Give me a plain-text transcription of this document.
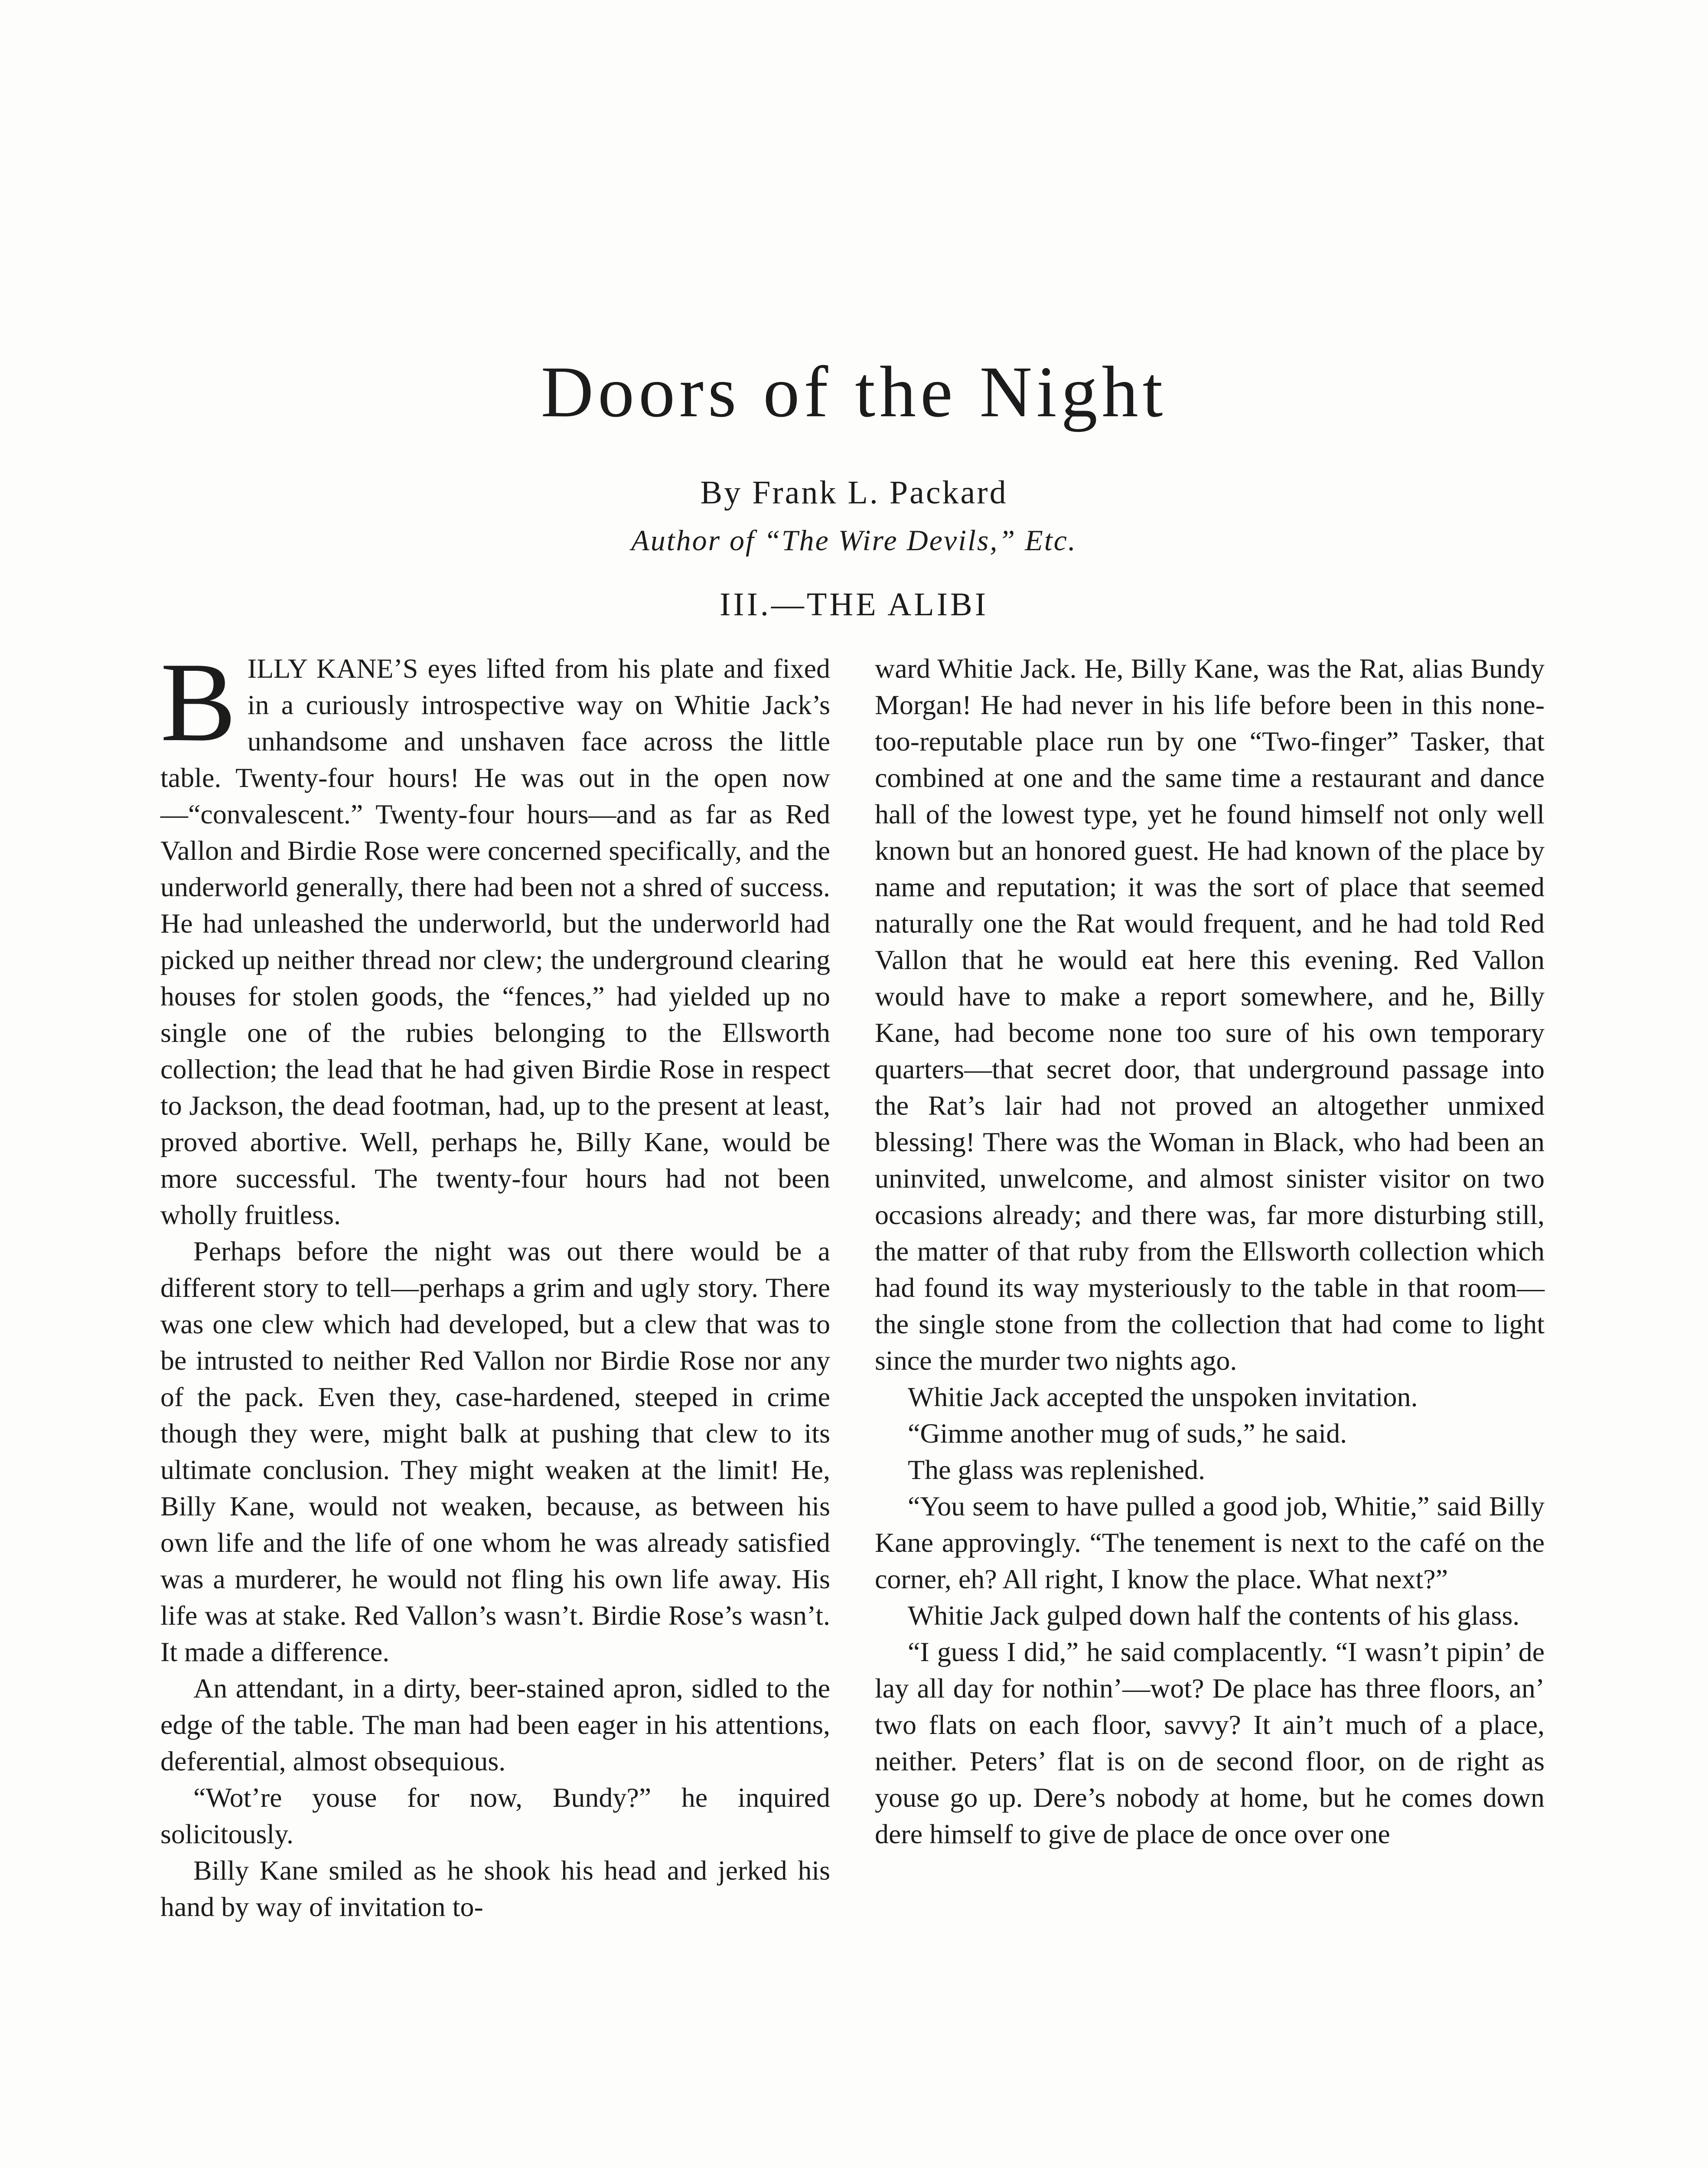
Doors of the Night
By Frank L. Packard
Author of “The Wire Devils,” Etc.
III.—THE ALIBI

BILLY KANE’S eyes lifted from his plate and fixed in a curiously introspective way on Whitie Jack’s unhandsome and unshaven face across the little table. Twenty-four hours! He was out in the open now—“convalescent.” Twenty-four hours—and as far as Red Vallon and Birdie Rose were concerned specifically, and the underworld generally, there had been not a shred of success. He had unleashed the underworld, but the underworld had picked up neither thread nor clew; the underground clearing houses for stolen goods, the “fences,” had yielded up no single one of the rubies belonging to the Ellsworth collection; the lead that he had given Birdie Rose in respect to Jackson, the dead footman, had, up to the present at least, proved abortive. Well, perhaps he, Billy Kane, would be more successful. The twenty-four hours had not been wholly fruitless.

Perhaps before the night was out there would be a different story to tell—perhaps a grim and ugly story. There was one clew which had developed, but a clew that was to be intrusted to neither Red Vallon nor Birdie Rose nor any of the pack. Even they, case-hardened, steeped in crime though they were, might balk at pushing that clew to its ultimate conclusion. They might weaken at the limit! He, Billy Kane, would not weaken, because, as between his own life and the life of one whom he was already satisfied was a murderer, he would not fling his own life away. His life was at stake. Red Vallon’s wasn’t. Birdie Rose’s wasn’t. It made a difference.

An attendant, in a dirty, beer-stained apron, sidled to the edge of the table. The man had been eager in his attentions, deferential, almost obsequious.

“Wot’re youse for now, Bundy?” he inquired solicitously.

Billy Kane smiled as he shook his head and jerked his hand by way of invitation to-

ward Whitie Jack. He, Billy Kane, was the Rat, alias Bundy Morgan! He had never in his life before been in this none-too-reputable place run by one “Two-finger” Tasker, that combined at one and the same time a restaurant and dance hall of the lowest type, yet he found himself not only well known but an honored guest. He had known of the place by name and reputation; it was the sort of place that seemed naturally one the Rat would frequent, and he had told Red Vallon that he would eat here this evening. Red Vallon would have to make a report somewhere, and he, Billy Kane, had become none too sure of his own temporary quarters—that secret door, that underground passage into the Rat’s lair had not proved an altogether unmixed blessing! There was the Woman in Black, who had been an uninvited, unwelcome, and almost sinister visitor on two occasions already; and there was, far more disturbing still, the matter of that ruby from the Ellsworth collection which had found its way mysteriously to the table in that room—the single stone from the collection that had come to light since the murder two nights ago.

Whitie Jack accepted the unspoken invitation.

“Gimme another mug of suds,” he said.

The glass was replenished.

“You seem to have pulled a good job, Whitie,” said Billy Kane approvingly. “The tenement is next to the café on the corner, eh? All right, I know the place. What next?”

Whitie Jack gulped down half the contents of his glass.

“I guess I did,” he said complacently. “I wasn’t pipin’ de lay all day for nothin’—wot? De place has three floors, an’ two flats on each floor, savvy? It ain’t much of a place, neither. Peters’ flat is on de second floor, on de right as youse go up. Dere’s nobody at home, but he comes down dere himself to give de place de once over one
